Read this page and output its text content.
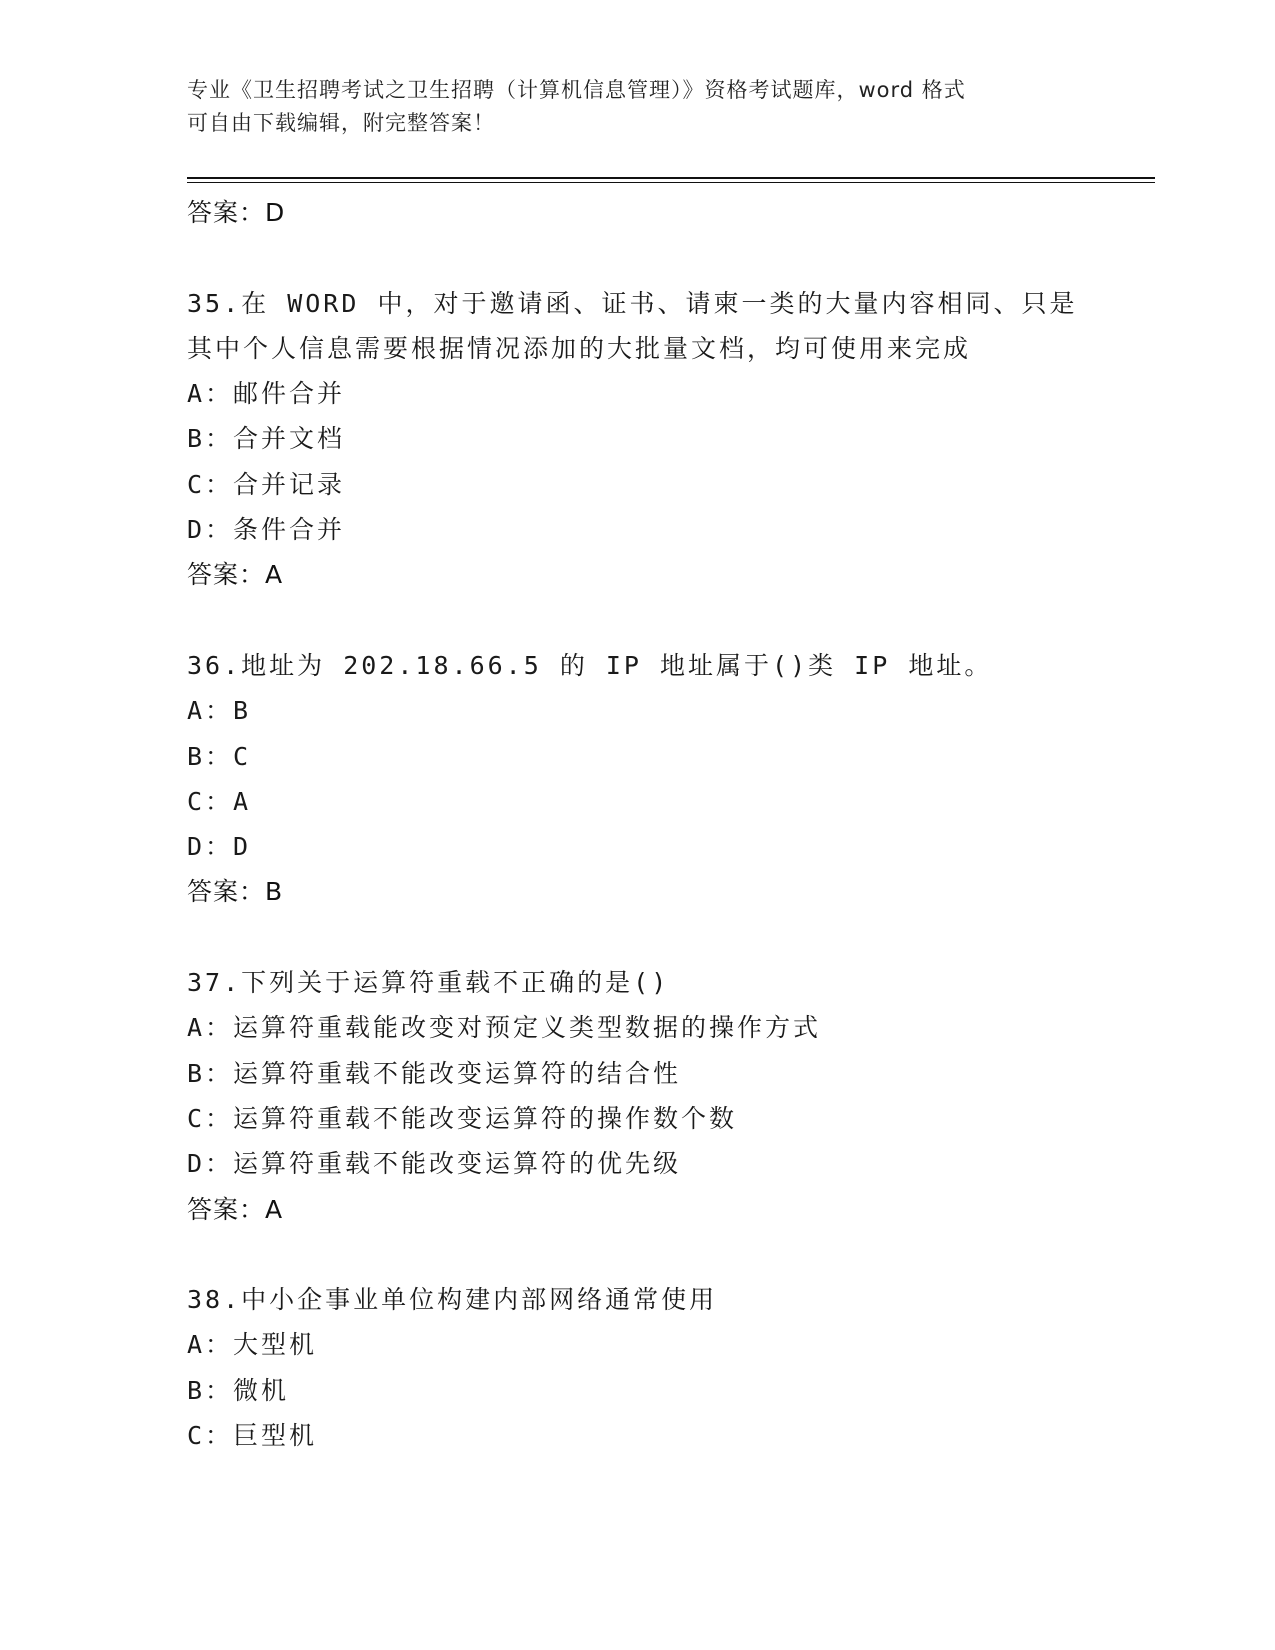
专业《卫生招聘考试之卫生招聘（计算机信息管理）》资格考试题库，word 格式
可自由下载编辑，附完整答案！
答案：D
35.在 WORD 中，对于邀请函、证书、请柬一类的大量内容相同、只是
其中个人信息需要根据情况添加的大批量文档，均可使用来完成
A：邮件合并
B：合并文档
C：合并记录
D：条件合并
答案：A
36.地址为 202.18.66.5 的 IP 地址属于()类 IP 地址。
A：B
B：C
C：A
D：D
答案：B
37.下列关于运算符重载不正确的是()
A：运算符重载能改变对预定义类型数据的操作方式
B：运算符重载不能改变运算符的结合性
C：运算符重载不能改变运算符的操作数个数
D：运算符重载不能改变运算符的优先级
答案：A
38.中小企事业单位构建内部网络通常使用
A：大型机
B：微机
C：巨型机
